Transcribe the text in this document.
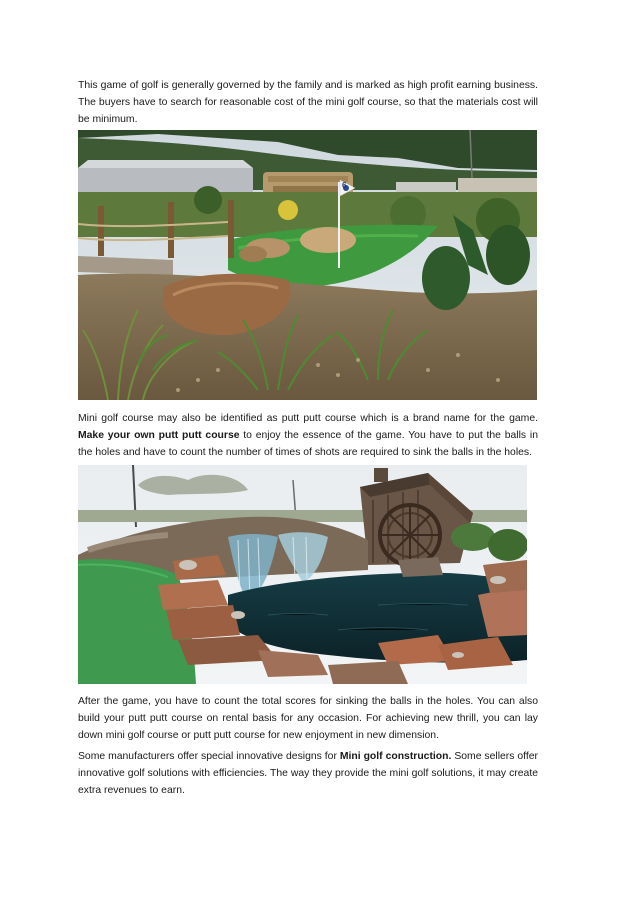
This game of golf is generally governed by the family and is marked as high profit earning business. The buyers have to search for reasonable cost of the mini golf course, so that the materials cost will be minimum.

6

Mini golf course may also be identified as putt putt course which is a brand name for the game. Make your own putt putt course to enjoy the essence of the game. You have to put the balls in the holes and have to count the number of times of shots are required to sink the balls in the holes.

After the game, you have to count the total scores for sinking the balls in the holes. You can also build your putt putt course on rental basis for any occasion. For achieving new thrill, you can lay down mini golf course or putt putt course for new enjoyment in new dimension.

Some manufacturers offer special innovative designs for Mini golf construction. Some sellers offer innovative golf solutions with efficiencies. The way they provide the mini golf solutions, it may create extra revenues to earn.
